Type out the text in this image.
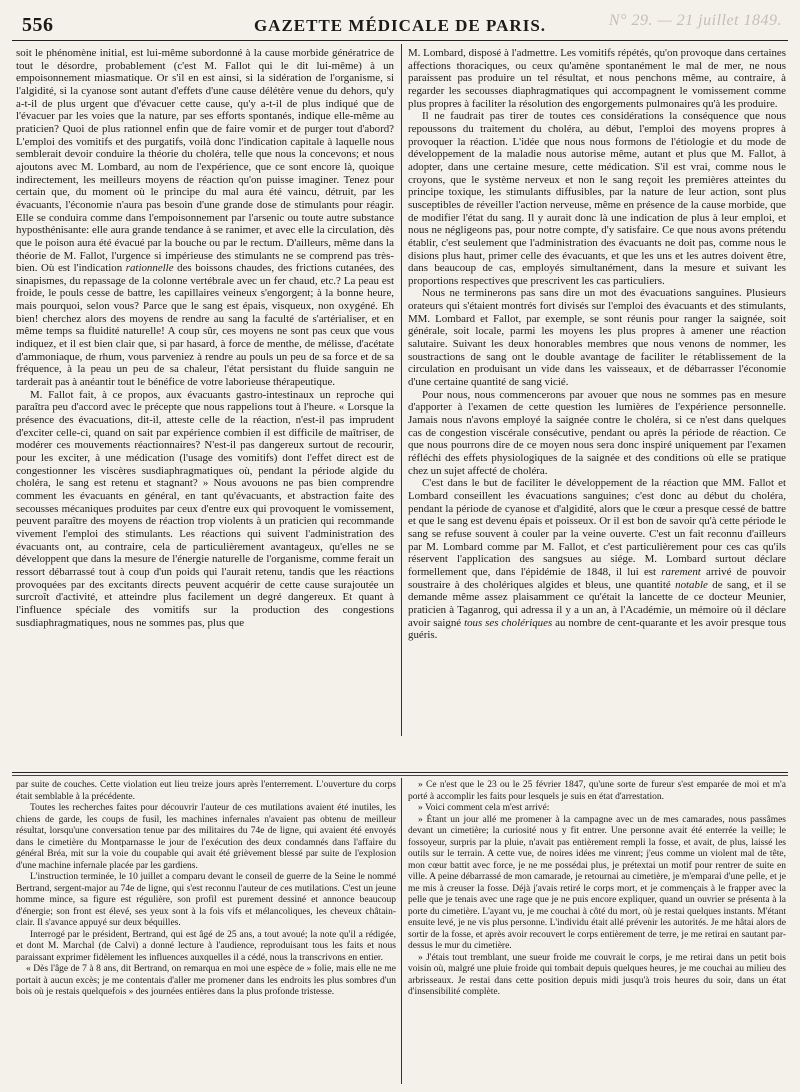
556	GAZETTE MÉDICALE DE PARIS.	N° 29. — 21 juillet 1849.

soit le phénomène initial, est lui-même subordonné à la cause morbide génératrice de tout le désordre, probablement (c'est M. Fallot qui le dit lui-même) à un empoisonnement miasmatique. Or s'il en est ainsi, si la sidération de l'organisme, si l'algidité, si la cyanose sont autant d'effets d'une cause délétère venue du dehors, qu'y a-t-il de plus urgent que d'évacuer cette cause, qu'y a-t-il de plus indiqué que de l'évacuer par les voies que la nature, par ses efforts spontanés, indique elle-même au praticien? Quoi de plus rationnel enfin que de faire vomir et de purger tout d'abord? L'emploi des vomitifs et des purgatifs, voilà donc l'indication capitale à laquelle nous semblerait devoir conduire la théorie du choléra, telle que nous la concevons; et nous ajoutons avec M. Lombard, au nom de l'expérience, que ce sont encore là, quoique indirectement, les meilleurs moyens de réaction qu'on puisse imaginer. Tenez pour certain que, du moment où le principe du mal aura été vaincu, détruit, par les évacuants, l'économie n'aura pas besoin d'une grande dose de stimulants pour réagir. Elle se conduira comme dans l'empoisonnement par l'arsenic ou toute autre substance hyposthénisante: elle aura grande tendance à se ranimer, et avec elle la circulation, dès que le poison aura été évacué par la bouche ou par le rectum. D'ailleurs, même dans la théorie de M. Fallot, l'urgence si impérieuse des stimulants ne se comprend pas très-bien. Où est l'indication rationnelle des boissons chaudes, des frictions cutanées, des sinapismes, du repassage de la colonne vertébrale avec un fer chaud, etc.? La peau est froide, le pouls cesse de battre, les capillaires veineux s'engorgent; à la bonne heure, mais pourquoi, selon vous? Parce que le sang est épais, visqueux, non oxygéné. Eh bien! cherchez alors des moyens de rendre au sang la faculté de s'artérialiser, et en même temps sa fluidité naturelle! A coup sûr, ces moyens ne sont pas ceux que vous indiquez, et il est bien clair que, si par hasard, à force de menthe, de mélisse, d'acétate d'ammoniaque, de rhum, vous parveniez à rendre au pouls un peu de sa force et de sa fréquence, à la peau un peu de sa chaleur, l'état persistant du fluide sanguin ne tarderait pas à anéantir tout le bénéfice de votre laborieuse thérapeutique.

M. Fallot fait, à ce propos, aux évacuants gastro-intestinaux un reproche qui paraîtra peu d'accord avec le précepte que nous rappelions tout à l'heure. « Lorsque la présence des évacuations, dit-il, atteste celle de la réaction, n'est-il pas imprudent d'exciter celle-ci, quand on sait par expérience combien il est difficile de maîtriser, de modérer ces mouvements réactionnaires? N'est-il pas dangereux surtout de recourir, pour les exciter, à une médication (l'usage des vomitifs) dont l'effet direct est de congestionner les viscères susdiaphragmatiques où, pendant la période algide du choléra, le sang est retenu et stagnant? » Nous avouons ne pas bien comprendre comment les évacuants en général, en tant qu'évacuants, et abstraction faite des secousses mécaniques produites par ceux d'entre eux qui provoquent le vomissement, peuvent paraître des moyens de réaction trop violents à un praticien qui recommande vivement l'emploi des stimulants. Les réactions qui suivent l'administration des évacuants ont, au contraire, cela de particulièrement avantageux, qu'elles ne se développent que dans la mesure de l'énergie naturelle de l'organisme, comme ferait un ressort débarrassé tout à coup d'un poids qui l'aurait retenu, tandis que les réactions provoquées par des excitants directs peuvent acquérir de cette cause surajoutée un surcroît d'activité, et atteindre plus facilement un degré dangereux. Et quant à l'influence spéciale des vomitifs sur la production des congestions susdiaphragmatiques, nous ne sommes pas, plus que

M. Lombard, disposé à l'admettre. Les vomitifs répétés, qu'on provoque dans certaines affections thoraciques, ou ceux qu'amène spontanément le mal de mer, ne nous paraissent pas produire un tel résultat, et nous penchons même, au contraire, à regarder les secousses diaphragmatiques qui accompagnent le vomissement comme plus propres à faciliter la résolution des engorgements pulmonaires qu'à les produire.

Il ne faudrait pas tirer de toutes ces considérations la conséquence que nous repoussons du traitement du choléra, au début, l'emploi des moyens propres à provoquer la réaction. L'idée que nous nous formons de l'étiologie et du mode de développement de la maladie nous autorise même, autant et plus que M. Fallot, à adopter, dans une certaine mesure, cette médication. S'il est vrai, comme nous le croyons, que le système nerveux et non le sang reçoit les premières atteintes du principe toxique, les stimulants diffusibles, par la nature de leur action, sont plus susceptibles de réveiller l'action nerveuse, même en présence de la cause morbide, que de modifier l'état du sang. Il y aurait donc là une indication de plus à leur emploi, et nous ne négligeons pas, pour notre compte, d'y satisfaire. Ce que nous avons prétendu établir, c'est seulement que l'administration des évacuants ne doit pas, comme nous le disions plus haut, primer celle des évacuants, et que les uns et les autres doivent être, dans beaucoup de cas, employés simultanément, dans la mesure et suivant les proportions respectives que prescrivent les cas particuliers.

Nous ne terminerons pas sans dire un mot des évacuations sanguines. Plusieurs orateurs qui s'étaient montrés fort divisés sur l'emploi des évacuants et des stimulants, MM. Lombard et Fallot, par exemple, se sont réunis pour ranger la saignée, soit générale, soit locale, parmi les moyens les plus propres à amener une réaction salutaire. Suivant les deux honorables membres que nous venons de nommer, les soustractions de sang ont le double avantage de faciliter le rétablissement de la circulation en produisant un vide dans les vaisseaux, et de débarrasser l'économie d'une certaine quantité de sang vicié.

Pour nous, nous commencerons par avouer que nous ne sommes pas en mesure d'apporter à l'examen de cette question les lumières de l'expérience personnelle. Jamais nous n'avons employé la saignée contre le choléra, si ce n'est dans quelques cas de congestion viscérale consécutive, pendant ou après la période de réaction. Ce que nous pourrons dire de ce moyen nous sera donc inspiré uniquement par l'examen réfléchi des effets physiologiques de la saignée et des conditions où elle se pratique chez un sujet affecté de choléra.

C'est dans le but de faciliter le développement de la réaction que MM. Fallot et Lombard conseillent les évacuations sanguines; c'est donc au début du choléra, pendant la période de cyanose et d'algidité, alors que le cœur a presque cessé de battre et que le sang est devenu épais et poisseux. Or il est bon de savoir qu'à cette période le sang se refuse souvent à couler par la veine ouverte. C'est un fait reconnu d'ailleurs par M. Lombard comme par M. Fallot, et c'est particulièrement pour ces cas qu'ils réservent l'application des sangsues au siége. M. Lombard surtout déclare formellement que, dans l'épidémie de 1848, il lui est rarement arrivé de pouvoir soustraire à des cholériques algides et bleus, une quantité notable de sang, et il se demande même assez plaisamment ce qu'était la lancette de ce docteur Meunier, praticien à Taganrog, qui adressa il y a un an, à l'Académie, un mémoire où il déclare avoir saigné tous ses cholériques au nombre de cent-quarante et les avoir presque tous guéris.

par suite de couches. Cette violation eut lieu treize jours après l'enterrement. L'ouverture du corps était semblable à la précédente.

Toutes les recherches faites pour découvrir l'auteur de ces mutilations avaient été inutiles, les chiens de garde, les coups de fusil, les machines infernales n'avaient pas obtenu de meilleur résultat, lorsqu'une conversation tenue par des militaires du 74e de ligne, qui avaient été envoyés dans le cimetière du Montparnasse le jour de l'exécution des deux condamnés dans l'affaire du général Bréa, mit sur la voie du coupable qui avait été grièvement blessé par suite de l'explosion d'une machine infernale placée par les gardiens.

L'instruction terminée, le 10 juillet a comparu devant le conseil de guerre de la Seine le nommé Bertrand, sergent-major au 74e de ligne, qui s'est reconnu l'auteur de ces mutilations. C'est un jeune homme mince, sa figure est régulière, son profil est purement dessiné et annonce beaucoup d'énergie; son front est élevé, ses yeux sont à la fois vifs et mélancoliques, les cheveux châtain-clair. Il s'avance appuyé sur deux béquilles.

Interrogé par le président, Bertrand, qui est âgé de 25 ans, a tout avoué; la note qu'il a rédigée, et dont M. Marchal (de Calvi) a donné lecture à l'audience, reproduisant tous les faits et nous paraissant exprimer fidèlement les influences auxquelles il a cédé, nous la transcrivons en entier.

« Dès l'âge de 7 à 8 ans, dit Bertrand, on remarqua en moi une espèce de » folie, mais elle ne me portait à aucun excès; je me contentais d'aller me promener dans les endroits les plus sombres d'un bois où je restais quelquefois » des journées entières dans la plus profonde tristesse.

» Ce n'est que le 23 ou le 25 février 1847, qu'une sorte de fureur s'est emparée de moi et m'a porté à accomplir les faits pour lesquels je suis en état d'arrestation.

» Voici comment cela m'est arrivé:

» Étant un jour allé me promener à la campagne avec un de mes camarades, nous passâmes devant un cimetière; la curiosité nous y fit entrer. Une personne avait été enterrée la veille; le fossoyeur, surpris par la pluie, n'avait pas entièrement rempli la fosse, et avait, de plus, laissé les outils sur le terrain. A cette vue, de noires idées me vinrent; j'eus comme un violent mal de tête, mon cœur battit avec force, je ne me possédai plus, je prétextai un motif pour rentrer de suite en ville. A peine débarrassé de mon camarade, je retournai au cimetière, je m'emparai d'une pelle, et je me mis à creuser la fosse. Déjà j'avais retiré le corps mort, et je commençais à le frapper avec la pelle que je tenais avec une rage que je ne puis encore expliquer, quand un ouvrier se présenta à la porte du cimetière. L'ayant vu, je me couchai à côté du mort, où je restai quelques instants. M'étant ensuite levé, je ne vis plus personne. L'individu était allé prévenir les autorités. Je me hâtai alors de sortir de la fosse, et après avoir recouvert le corps entièrement de terre, je me retirai en sautant par-dessus le mur du cimetière.

» J'étais tout tremblant, une sueur froide me couvrait le corps, je me retirai dans un petit bois voisin où, malgré une pluie froide qui tombait depuis quelques heures, je me couchai au milieu des arbrisseaux. Je restai dans cette position depuis midi jusqu'à trois heures du soir, dans un état d'insensibilité complète.
